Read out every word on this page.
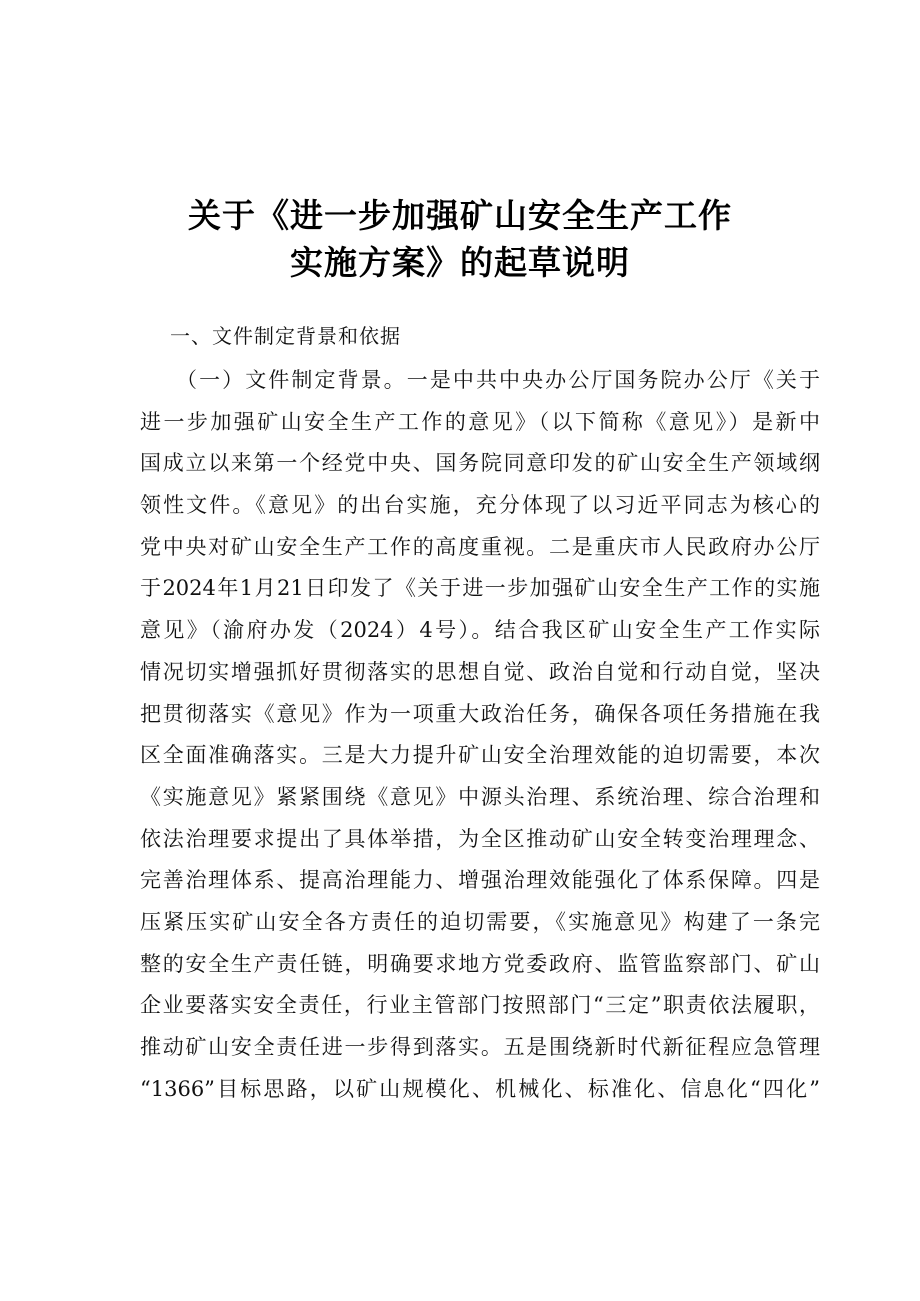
关于《进一步加强矿山安全生产工作
实施方案》的起草说明
一、文件制定背景和依据
（一）文件制定背景。一是中共中央办公厅国务院办公厅《关于
进一步加强矿山安全生产工作的意见》（以下简称《意见》）是新中
国成立以来第一个经党中央、国务院同意印发的矿山安全生产领域纲
领性文件。《意见》的出台实施，充分体现了以习近平同志为核心的
党中央对矿山安全生产工作的高度重视。二是重庆市人民政府办公厅
于2024年1月21日印发了《关于进一步加强矿山安全生产工作的实施
意见》（渝府办发（2024）4号）。结合我区矿山安全生产工作实际
情况切实增强抓好贯彻落实的思想自觉、政治自觉和行动自觉，坚决
把贯彻落实《意见》作为一项重大政治任务，确保各项任务措施在我
区全面准确落实。三是大力提升矿山安全治理效能的迫切需要，本次
《实施意见》紧紧围绕《意见》中源头治理、系统治理、综合治理和
依法治理要求提出了具体举措，为全区推动矿山安全转变治理理念、
完善治理体系、提高治理能力、增强治理效能强化了体系保障。四是
压紧压实矿山安全各方责任的迫切需要，《实施意见》构建了一条完
整的安全生产责任链，明确要求地方党委政府、监管监察部门、矿山
企业要落实安全责任，行业主管部门按照部门“三定”职责依法履职，
推动矿山安全责任进一步得到落实。五是围绕新时代新征程应急管理
“1366”目标思路，以矿山规模化、机械化、标准化、信息化“四化”
